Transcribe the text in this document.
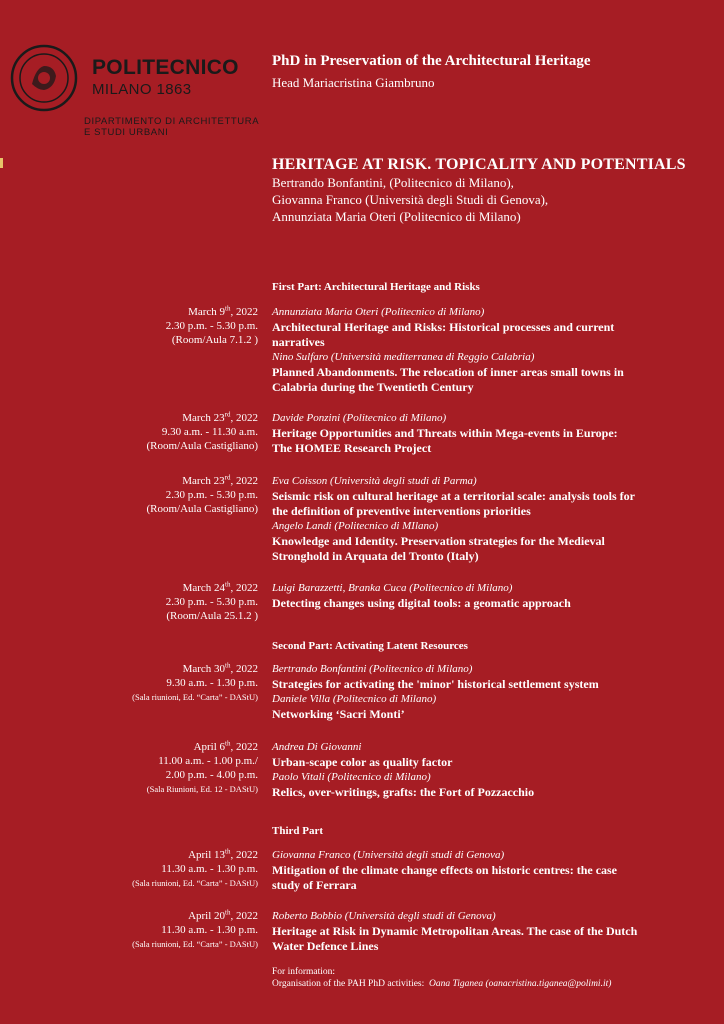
POLITECNICO
MILANO 1863
DIPARTIMENTO DI ARCHITETTURA
E STUDI URBANI
PhD in Preservation of the Architectural Heritage
Head Mariacristina Giambruno
HERITAGE AT RISK. TOPICALITY AND POTENTIALS
Bertrando Bonfantini, (Politecnico di Milano),
Giovanna Franco (Università degli Studi di Genova),
Annunziata Maria Oteri (Politecnico di Milano)
First Part: Architectural Heritage and Risks
Second Part: Activating Latent Resources
Third Part
March 9th, 2022
2.30 p.m. - 5.30 p.m.
(Room/Aula 7.1.2 )
Annunziata Maria Oteri (Politecnico di Milano)
Architectural Heritage and Risks: Historical processes and current
narratives
Nino Sulfaro (Università mediterranea di Reggio Calabria)
Planned Abandonments. The relocation of inner areas small towns in
Calabria during the Twentieth Century
March 23rd, 2022
9.30 a.m. - 11.30 a.m.
(Room/Aula Castigliano)
Davide Ponzini (Politecnico di Milano)
Heritage Opportunities and Threats within Mega-events in Europe:
The HOMEE Research Project
March 23rd, 2022
2.30 p.m. - 5.30 p.m.
(Room/Aula Castigliano)
Eva Coisson (Università degli studi di Parma)
Seismic risk on cultural heritage at a territorial scale: analysis tools for
the definition of preventive interventions priorities
Angelo Landi (Politecnico di MIlano)
Knowledge and Identity. Preservation strategies for the Medieval
Stronghold in Arquata del Tronto (Italy)
March 24th, 2022
2.30 p.m. - 5.30 p.m.
(Room/Aula 25.1.2 )
Luigi Barazzetti, Branka Cuca (Politecnico di Milano)
Detecting changes using digital tools: a geomatic approach
March 30th, 2022
9.30 a.m. - 1.30 p.m.
(Sala riunioni, Ed. “Carta” - DAStU)
Bertrando Bonfantini (Politecnico di Milano)
Strategies for activating the 'minor' historical settlement system
Daniele Villa (Politecnico di Milano)
Networking ‘Sacri Monti’
April 6th, 2022
11.00 a.m. - 1.00 p.m./
2.00 p.m. - 4.00 p.m.
(Sala Riunioni, Ed. 12 - DAStU)
Andrea Di Giovanni
Urban-scape color as quality factor
Paolo Vitali (Politecnico di Milano)
Relics, over-writings, grafts: the Fort of Pozzacchio
April 13th, 2022
11.30 a.m. - 1.30 p.m.
(Sala riunioni, Ed. “Carta” - DAStU)
Giovanna Franco (Università degli studi di Genova)
Mitigation of the climate change effects on historic centres: the case
study of Ferrara
April 20th, 2022
11.30 a.m. - 1.30 p.m.
(Sala riunioni, Ed. “Carta” - DAStU)
Roberto Bobbio (Università degli studi di Genova)
Heritage at Risk in Dynamic Metropolitan Areas. The case of the Dutch
Water Defence Lines
For information:
Organisation of the PAH PhD activities: Oana Tiganea (oanacristina.tiganea@polimi.it)
